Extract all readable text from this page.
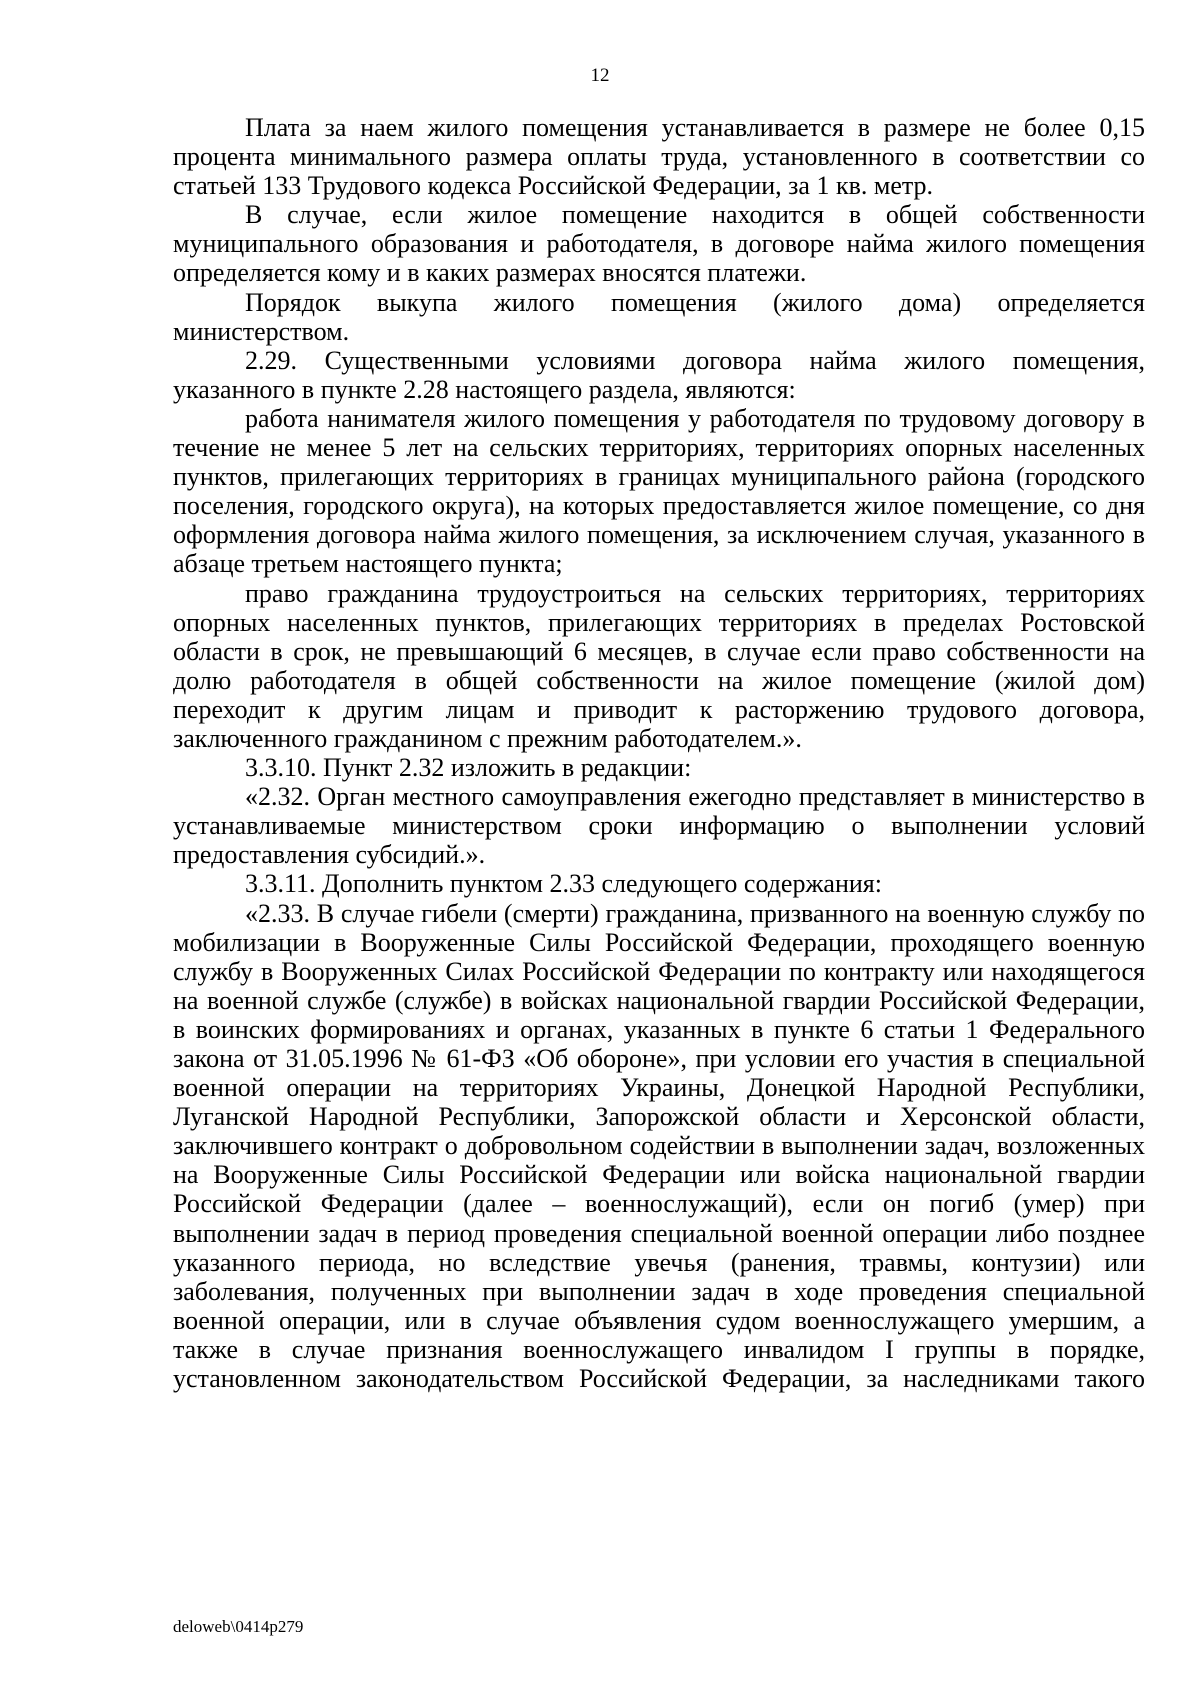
12

Плата за наем жилого помещения устанавливается в размере не более 0,15 процента минимального размера оплаты труда, установленного в соответствии со статьей 133 Трудового кодекса Российской Федерации, за 1 кв. метр.

В случае, если жилое помещение находится в общей собственности муниципального образования и работодателя, в договоре найма жилого помещения определяется кому и в каких размерах вносятся платежи.

Порядок выкупа жилого помещения (жилого дома) определяется министерством.

2.29. Существенными условиями договора найма жилого помещения, указанного в пункте 2.28 настоящего раздела, являются:

работа нанимателя жилого помещения у работодателя по трудовому договору в течение не менее 5 лет на сельских территориях, территориях опорных населенных пунктов, прилегающих территориях в границах муниципального района (городского поселения, городского округа), на которых предоставляется жилое помещение, со дня оформления договора найма жилого помещения, за исключением случая, указанного в абзаце третьем настоящего пункта;

право гражданина трудоустроиться на сельских территориях, территориях опорных населенных пунктов, прилегающих территориях в пределах Ростовской области в срок, не превышающий 6 месяцев, в случае если право собственности на долю работодателя в общей собственности на жилое помещение (жилой дом) переходит к другим лицам и приводит к расторжению трудового договора, заключенного гражданином с прежним работодателем.».

3.3.10. Пункт 2.32 изложить в редакции:

«2.32. Орган местного самоуправления ежегодно представляет в министерство в устанавливаемые министерством сроки информацию о выполнении условий предоставления субсидий.».

3.3.11. Дополнить пунктом 2.33 следующего содержания:

«2.33. В случае гибели (смерти) гражданина, призванного на военную службу по мобилизации в Вооруженные Силы Российской Федерации, проходящего военную службу в Вооруженных Силах Российской Федерации по контракту или находящегося на военной службе (службе) в войсках национальной гвардии Российской Федерации, в воинских формированиях и органах, указанных в пункте 6 статьи 1 Федерального закона от 31.05.1996 № 61-ФЗ «Об обороне», при условии его участия в специальной военной операции на территориях Украины, Донецкой Народной Республики, Луганской Народной Республики, Запорожской области и Херсонской области, заключившего контракт о добровольном содействии в выполнении задач, возложенных на Вооруженные Силы Российской Федерации или войска национальной гвардии Российской Федерации (далее – военнослужащий), если он погиб (умер) при выполнении задач в период проведения специальной военной операции либо позднее указанного периода, но вследствие увечья (ранения, травмы, контузии) или заболевания, полученных при выполнении задач в ходе проведения специальной военной операции, или в случае объявления судом военнослужащего умершим, а также в случае признания военнослужащего инвалидом I группы в порядке, установленном законодательством Российской Федерации, за наследниками такого

deloweb\0414p279
